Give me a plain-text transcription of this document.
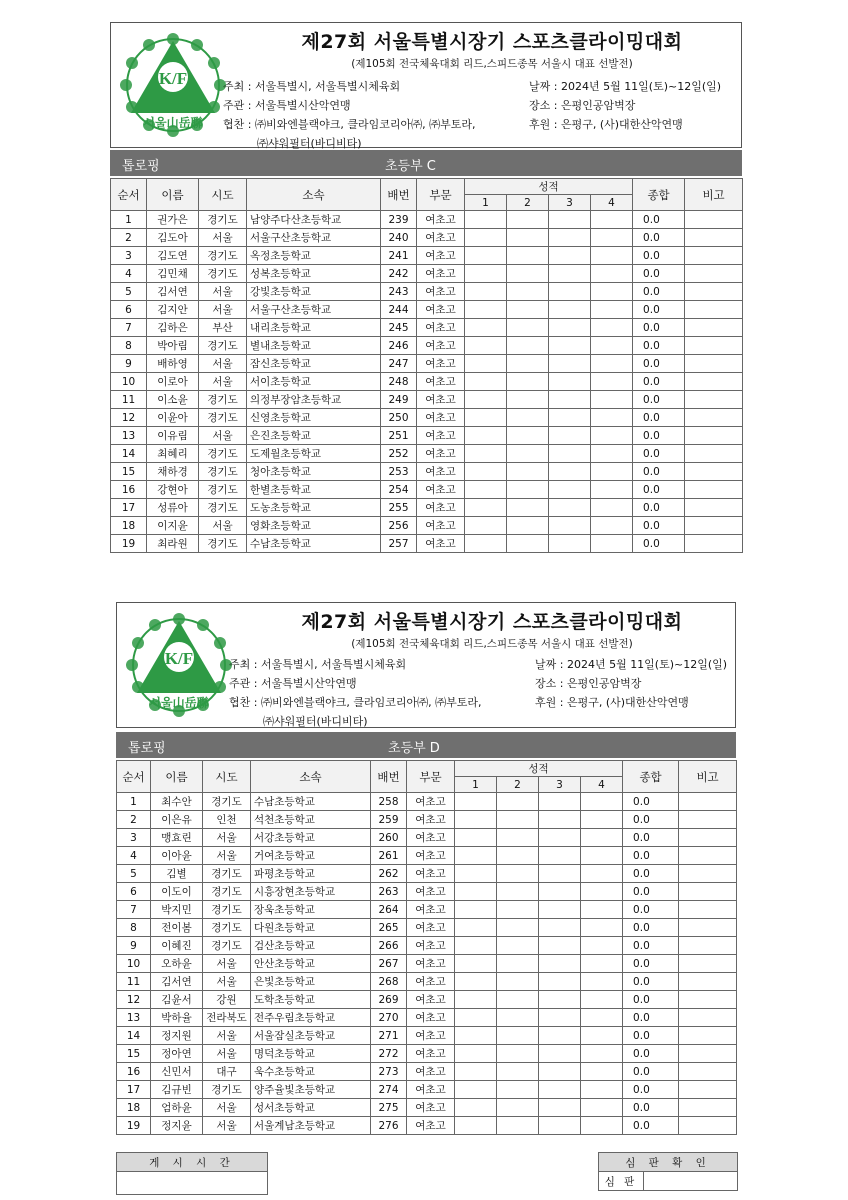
K/F
서울山岳聯
제27회 서울특별시장기 스포츠클라이밍대회
(제105회 전국체육대회 리드,스피드종목 서울시 대표 선발전)
주최 : 서울특별시, 서울특별시체육회
주관 : 서울특별시산악연맹
협찬 : ㈜비와엔블랙야크, 클라임코리아㈜, ㈜부토라,
㈜샤워필터(바디비타)
날짜 : 2024년 5월 11일(토)~12일(일)
장소 : 은평인공암벽장
후원 : 은평구, (사)대한산악연맹
톱로핑	초등부 C
순서	이름	시도	소속	배번	부문	성적				종합	비고
						1	2	3	4		
1	권가은	경기도	남양주다산초등학교	239	여초고					0.0	
2	김도아	서울	서울구산초등학교	240	여초고					0.0	
3	김도연	경기도	옥정초등학교	241	여초고					0.0	
4	김민채	경기도	성복초등학교	242	여초고					0.0	
5	김서연	서울	강빛초등학교	243	여초고					0.0	
6	김지안	서울	서울구산초등학교	244	여초고					0.0	
7	김하은	부산	내리초등학교	245	여초고					0.0	
8	박아림	경기도	별내초등학교	246	여초고					0.0	
9	배하영	서울	잠신초등학교	247	여초고					0.0	
10	이로아	서울	서이초등학교	248	여초고					0.0	
11	이소윤	경기도	의정부장암초등학교	249	여초고					0.0	
12	이윤아	경기도	신영초등학교	250	여초고					0.0	
13	이유림	서울	은진초등학교	251	여초고					0.0	
14	최혜리	경기도	도제월초등학교	252	여초고					0.0	
15	채하경	경기도	청아초등학교	253	여초고					0.0	
16	강현아	경기도	한별초등학교	254	여초고					0.0	
17	성류아	경기도	도농초등학교	255	여초고					0.0	
18	이지윤	서울	영화초등학교	256	여초고					0.0	
19	최라원	경기도	수남초등학교	257	여초고					0.0	
K/F
서울山岳聯
제27회 서울특별시장기 스포츠클라이밍대회
(제105회 전국체육대회 리드,스피드종목 서울시 대표 선발전)
주최 : 서울특별시, 서울특별시체육회
주관 : 서울특별시산악연맹
협찬 : ㈜비와엔블랙야크, 클라임코리아㈜, ㈜부토라,
㈜샤워필터(바디비타)
날짜 : 2024년 5월 11일(토)~12일(일)
장소 : 은평인공암벽장
후원 : 은평구, (사)대한산악연맹
톱로핑	초등부 D
순서	이름	시도	소속	배번	부문	성적				종합	비고
						1	2	3	4		
1	최수안	경기도	수남초등학교	258	여초고					0.0	
2	이은유	인천	석천초등학교	259	여초고					0.0	
3	맹효린	서울	서강초등학교	260	여초고					0.0	
4	이아윤	서울	거여초등학교	261	여초고					0.0	
5	김별	경기도	파평초등학교	262	여초고					0.0	
6	이도이	경기도	시흥장현초등학교	263	여초고					0.0	
7	박지민	경기도	장욱초등학교	264	여초고					0.0	
8	전이봄	경기도	다원초등학교	265	여초고					0.0	
9	이혜진	경기도	검산초등학교	266	여초고					0.0	
10	오하윤	서울	안산초등학교	267	여초고					0.0	
11	김서연	서울	은빛초등학교	268	여초고					0.0	
12	김윤서	강원	도학초등학교	269	여초고					0.0	
13	박하율	전라북도	전주우림초등학교	270	여초고					0.0	
14	정지원	서울	서울잠실초등학교	271	여초고					0.0	
15	정아연	서울	명덕초등학교	272	여초고					0.0	
16	신민서	대구	욱수초등학교	273	여초고					0.0	
17	김규빈	경기도	양주율빛초등학교	274	여초고					0.0	
18	엄하윤	서울	성서초등학교	275	여초고					0.0	
19	정지윤	서울	서울계남초등학교	276	여초고					0.0	
게 시 시 간	심 판 확 인
심 판	
